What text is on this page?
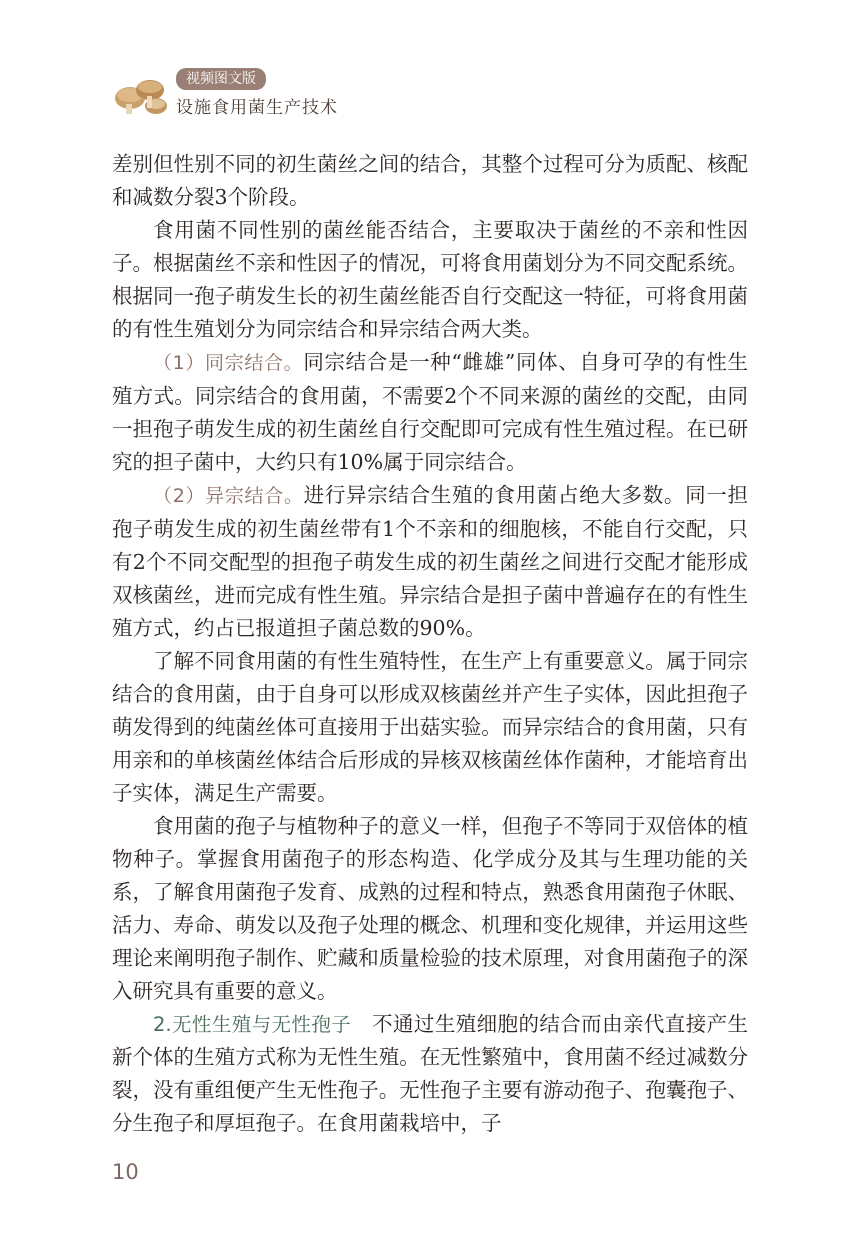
视频图文版
设施食用菌生产技术

差别但性别不同的初生菌丝之间的结合，其整个过程可分为质配、核配和减数分裂3个阶段。

食用菌不同性别的菌丝能否结合，主要取决于菌丝的不亲和性因子。根据菌丝不亲和性因子的情况，可将食用菌划分为不同交配系统。根据同一孢子萌发生长的初生菌丝能否自行交配这一特征，可将食用菌的有性生殖划分为同宗结合和异宗结合两大类。

（1）同宗结合。同宗结合是一种“雌雄”同体、自身可孕的有性生殖方式。同宗结合的食用菌，不需要2个不同来源的菌丝的交配，由同一担孢子萌发生成的初生菌丝自行交配即可完成有性生殖过程。在已研究的担子菌中，大约只有10%属于同宗结合。

（2）异宗结合。进行异宗结合生殖的食用菌占绝大多数。同一担孢子萌发生成的初生菌丝带有1个不亲和的细胞核，不能自行交配，只有2个不同交配型的担孢子萌发生成的初生菌丝之间进行交配才能形成双核菌丝，进而完成有性生殖。异宗结合是担子菌中普遍存在的有性生殖方式，约占已报道担子菌总数的90%。

了解不同食用菌的有性生殖特性，在生产上有重要意义。属于同宗结合的食用菌，由于自身可以形成双核菌丝并产生子实体，因此担孢子萌发得到的纯菌丝体可直接用于出菇实验。而异宗结合的食用菌，只有用亲和的单核菌丝体结合后形成的异核双核菌丝体作菌种，才能培育出子实体，满足生产需要。

食用菌的孢子与植物种子的意义一样，但孢子不等同于双倍体的植物种子。掌握食用菌孢子的形态构造、化学成分及其与生理功能的关系，了解食用菌孢子发育、成熟的过程和特点，熟悉食用菌孢子休眠、活力、寿命、萌发以及孢子处理的概念、机理和变化规律，并运用这些理论来阐明孢子制作、贮藏和质量检验的技术原理，对食用菌孢子的深入研究具有重要的意义。

2.无性生殖与无性孢子　不通过生殖细胞的结合而由亲代直接产生新个体的生殖方式称为无性生殖。在无性繁殖中，食用菌不经过减数分裂，没有重组便产生无性孢子。无性孢子主要有游动孢子、孢囊孢子、分生孢子和厚垣孢子。在食用菌栽培中，子

10
